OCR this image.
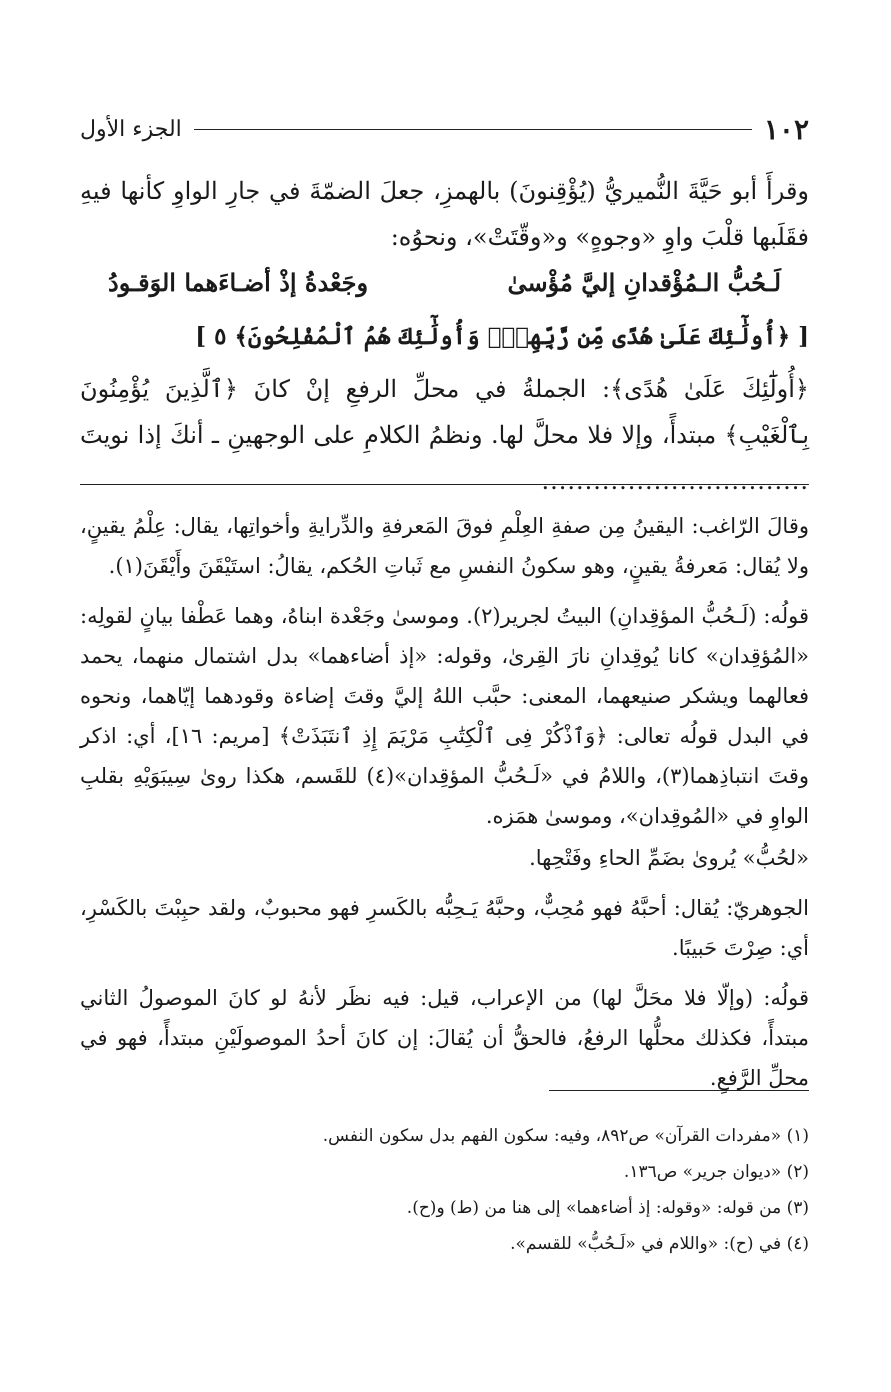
١٠٢
الجزء الأول

وقرأَ أبو حَيَّةَ النُّميريُّ (يُؤْقِنونَ) بالهمزِ، جعلَ الضمّةَ في جارِ الواوِ كأنها فيهِ فقَلَبها قلْبَ واوِ «وجوهٍ» و«وقّتَتْ»، ونحوُه:

لَـحُبُّ الـمُؤْقدانِ إليَّ مُؤْسىٰ
وجَعْدةُ إذْ أضـاءَهما الوَقـودُ

[ ﴿أُولَٰٓئِكَ عَلَىٰ هُدًى مِّن رَّبِّهِمْۖ وَأُولَٰٓئِكَ هُمُ ٱلْمُفْلِحُونَ﴾ ٥ ]

﴿أُولَٰٓئِكَ عَلَىٰ هُدًى﴾: الجملةُ في محلِّ الرفعِ إنْ كانَ ﴿ٱلَّذِينَ يُؤْمِنُونَ بِٱلْغَيْبِ﴾ مبتدأً، وإلا فلا محلَّ لها. ونظمُ الكلامِ على الوجهينِ ـ أنكَ إذا نويتَ ...............................

وقالَ الرّاغب: اليقينُ مِن صفةِ العِلْمِ فوقَ المَعرفةِ والدِّرايةِ وأخواتِها، يقال: عِلْمُ يقينٍ، ولا يُقال: مَعرفةُ يقينٍ، وهو سكونُ النفسِ مع ثَباتِ الحُكم، يقالُ: استَيْقَنَ وأَيْقَنَ(١).

قولُه: (لَـحُبُّ المؤقِدانِ) البيتُ لجرير(٢). وموسىٰ وجَعْدة ابناهُ، وهما عَطْفا بيانٍ لقولِه: «المُؤقِدان» كانا يُوقِدانِ نارَ القِرىٰ، وقوله: «إذ أضاءهما» بدل اشتمال منهما، يحمد فعالهما ويشكر صنيعهما، المعنى: حبَّب اللهُ إليَّ وقتَ إضاءة وقودهما إيّاهما، ونحوه في البدل قولُه تعالى: ﴿وَٱذْكُرْ فِى ٱلْكِتَٰبِ مَرْيَمَ إِذِ ٱنتَبَذَتْ﴾ [مريم: ١٦]، أي: اذكر وقتَ انتباذِهما(٣)، واللامُ في «لَـحُبُّ المؤقِدان»(٤) للقَسم، هكذا روىٰ سِيبَوَيْهِ بقلبِ الواوِ في «المُوقِدان»، وموسىٰ همَزه.

«لحُبُّ» يُروىٰ بضَمِّ الحاءِ وفَتْحِها.

الجوهريّ: يُقال: أحبَّهُ فهو مُحِبٌّ، وحبَّهُ يَـحِبُّه بالكَسرِ فهو محبوبٌ، ولقد حبِبْتَ بالكَسْرِ، أي: صِرْتَ حَبيبًا.

قولُه: (وإلّا فلا محَلَّ لها) من الإعراب، قيل: فيه نظَر لأنهُ لو كانَ الموصولُ الثاني مبتدأً، فكذلك محلُّها الرفعُ، فالحقُّ أن يُقالَ: إن كانَ أحدُ الموصولَيْنِ مبتدأً، فهو في محلِّ الرَّفعِ.

(١) «مفردات القرآن» ص٨٩٢، وفيه: سكون الفهم بدل سكون النفس.
(٢) «ديوان جرير» ص١٣٦.
(٣) من قوله: «وقوله: إذ أضاءهما» إلى هنا من (ط) و(ح).
(٤) في (ح): «واللام في «لَـحُبُّ» للقسم».
